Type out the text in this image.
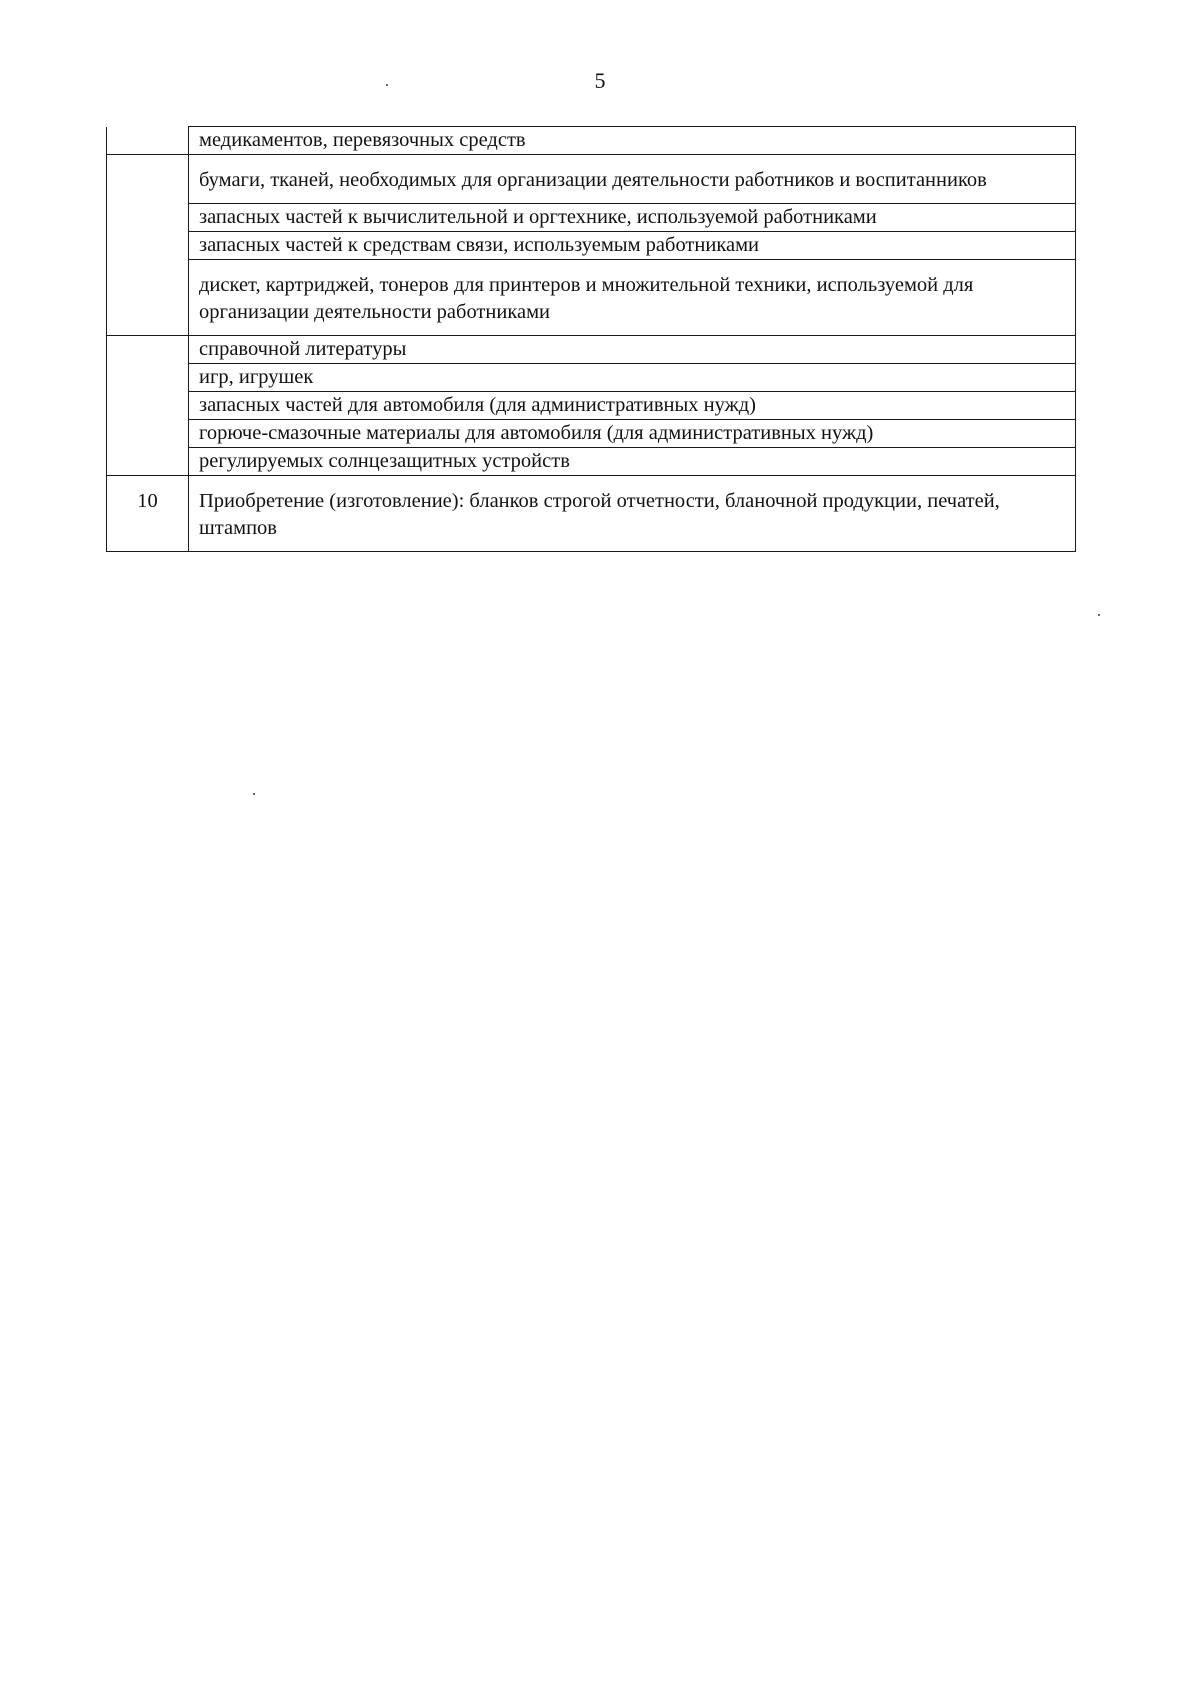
5
	медикаментов, перевязочных средств

	бумаги, тканей, необходимых для организации деятельности работников и воспитанников
	запасных частей к вычислительной и оргтехнике, используемой работниками
	запасных частей к средствам связи, используемым работниками
	дискет, картриджей, тонеров для принтеров и множительной техники, используемой для организации деятельности работниками

	справочной литературы
	игр, игрушек
	запасных частей для автомобиля (для административных нужд)
	горюче-смазочные материалы для автомобиля (для административных нужд)
	регулируемых солнцезащитных устройств

10	Приобретение (изготовление): бланков строгой отчетности, бланочной продукции, печатей, штампов
